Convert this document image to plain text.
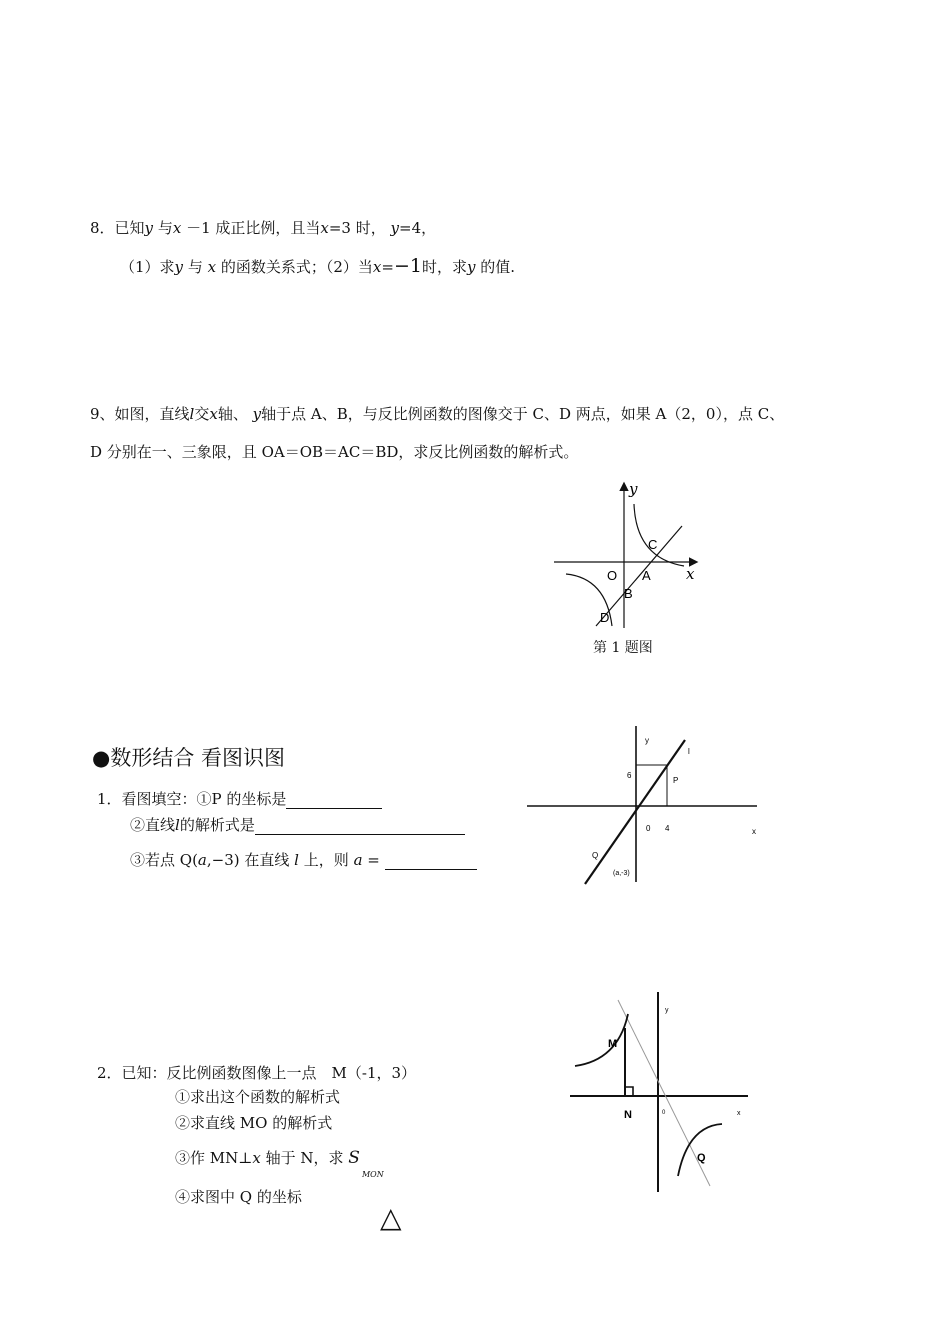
8．已知y 与x －1 成正比例，且当x=3 时， y=4，
（1）求y 与 x 的函数关系式；（2）当x=−1时，求y 的值.
9、如图，直线l交x轴、 y轴于点 A、B，与反比例函数的图像交于 C、D 两点，如果 A（2，0），点 C、
D 分别在一、三象限，且 OA＝OB＝AC＝BD，求反比例函数的解析式。
y
C
O A x
B
D
第 1 题图
●数形结合 看图识图
1．看图填空：①P 的坐标是
②直线l的解析式是
③若点 Q(a,−3) 在直线 l 上，则 a =
y
l
6
P
0 4	x
Q
(a,-3)
2．已知：反比例函数图像上一点　M（-1，3）
①求出这个函数的解析式
②求直线 MO 的解析式
③作 MN⊥x 轴于 N，求 $S_{MON}$
④求图中 Q 的坐标
△
y
M
N	0	x
Q
